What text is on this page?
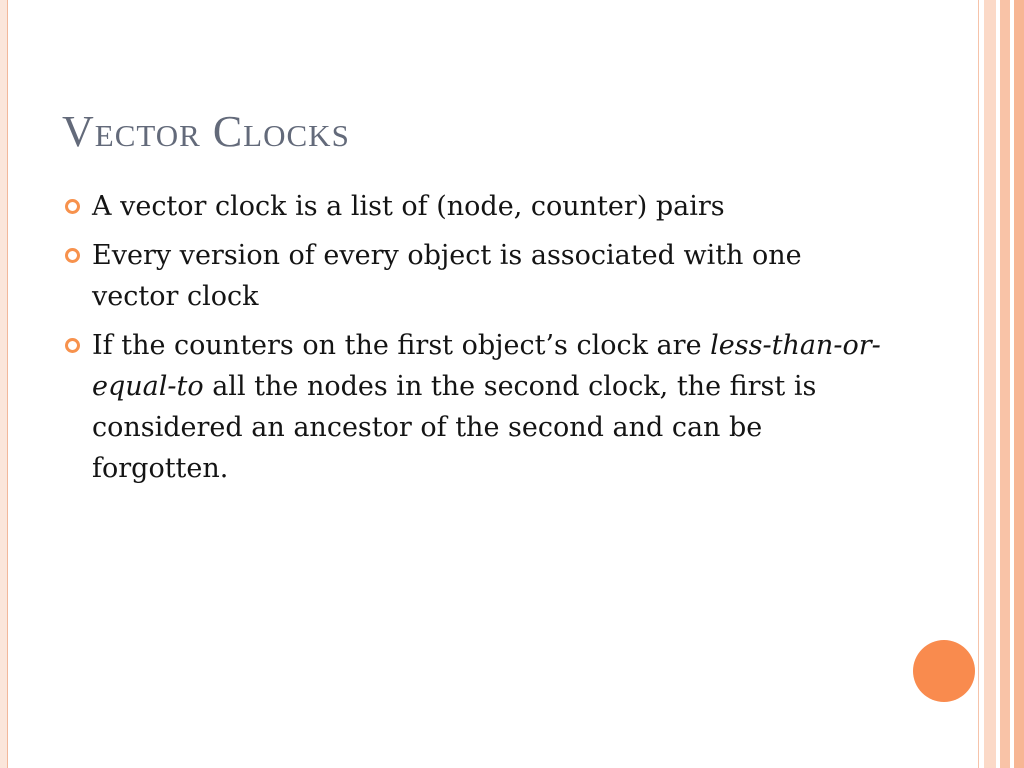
Vector Clocks
A vector clock is a list of (node, counter) pairs
Every version of every object is associated with one vector clock
If the counters on the first object’s clock are less-than-or-equal-to all the nodes in the second clock, the first is considered an ancestor of the second and can be forgotten.
